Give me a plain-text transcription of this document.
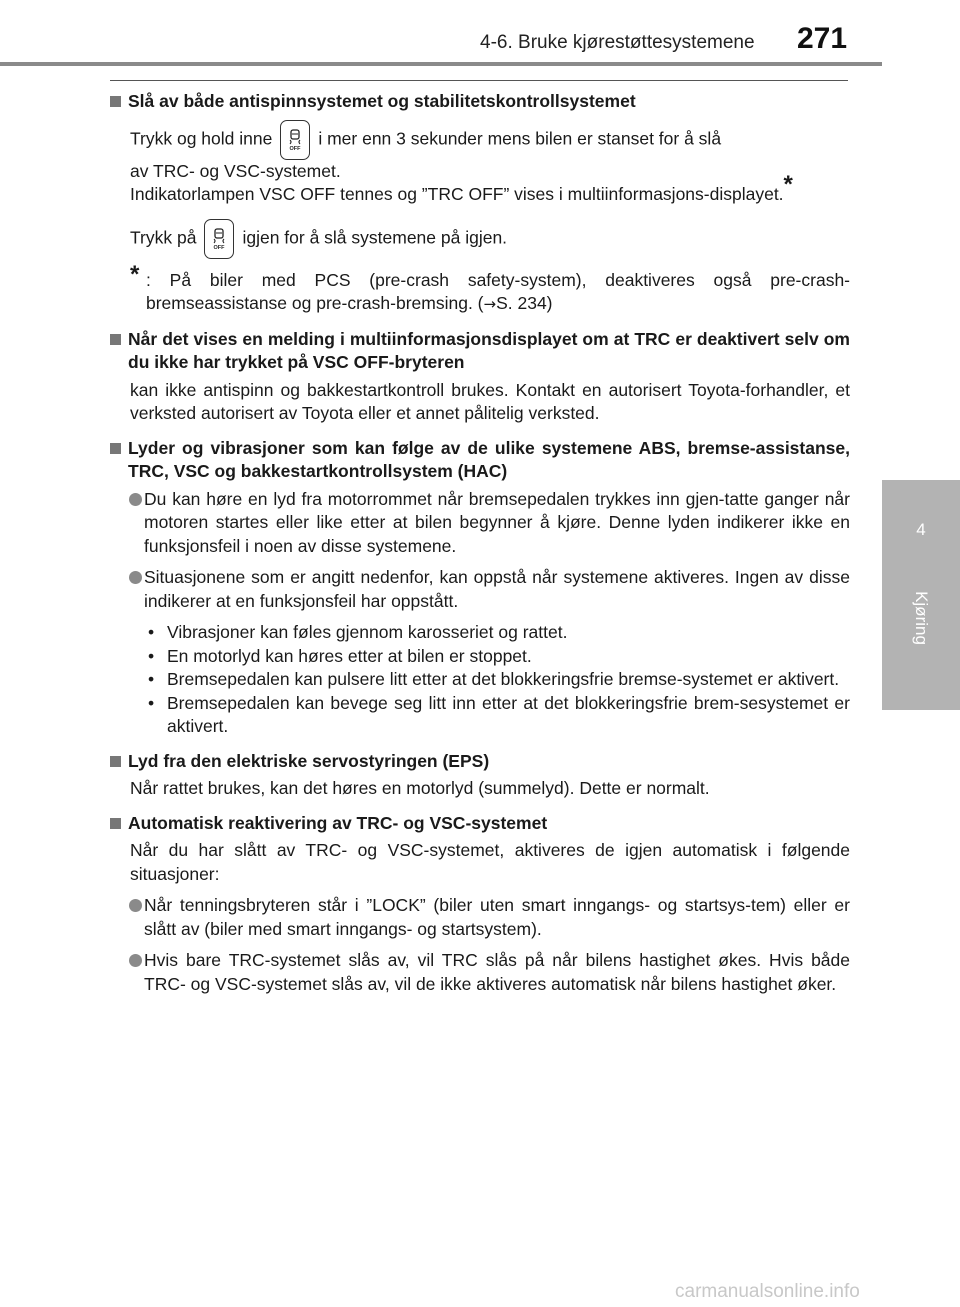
4-6. Bruke kjørestøttesystemene 271
4
Kjøring
Slå av både antispinnsystemet og stabilitetskontrollsystemet
Trykk og hold inne
OFF
i mer enn 3 sekunder mens bilen er stanset for å slå
av TRC- og VSC-systemet.
Indikatorlampen VSC OFF tennes og ”TRC OFF” vises i multiinformasjons-displayet.*
Trykk på
OFF
igjen for å slå systemene på igjen.
* : På biler med PCS (pre-crash safety-system), deaktiveres også pre-crash-bremseassistanse og pre-crash-bremsing. (→S. 234)
Når det vises en melding i multiinformasjonsdisplayet om at TRC er deaktivert selv om du ikke har trykket på VSC OFF-bryteren
kan ikke antispinn og bakkestartkontroll brukes. Kontakt en autorisert Toyota-forhandler, et verksted autorisert av Toyota eller et annet pålitelig verksted.
Lyder og vibrasjoner som kan følge av de ulike systemene ABS, bremse-assistanse, TRC, VSC og bakkestartkontrollsystem (HAC)
Du kan høre en lyd fra motorrommet når bremsepedalen trykkes inn gjen-tatte ganger når motoren startes eller like etter at bilen begynner å kjøre. Denne lyden indikerer ikke en funksjonsfeil i noen av disse systemene.
Situasjonene som er angitt nedenfor, kan oppstå når systemene aktiveres. Ingen av disse indikerer at en funksjonsfeil har oppstått.
• Vibrasjoner kan føles gjennom karosseriet og rattet.
• En motorlyd kan høres etter at bilen er stoppet.
• Bremsepedalen kan pulsere litt etter at det blokkeringsfrie bremse-systemet er aktivert.
• Bremsepedalen kan bevege seg litt inn etter at det blokkeringsfrie brem-sesystemet er aktivert.
Lyd fra den elektriske servostyringen (EPS)
Når rattet brukes, kan det høres en motorlyd (summelyd). Dette er normalt.
Automatisk reaktivering av TRC- og VSC-systemet
Når du har slått av TRC- og VSC-systemet, aktiveres de igjen automatisk i følgende situasjoner:
Når tenningsbryteren står i ”LOCK” (biler uten smart inngangs- og startsys-tem) eller er slått av (biler med smart inngangs- og startsystem).
Hvis bare TRC-systemet slås av, vil TRC slås på når bilens hastighet økes. Hvis både TRC- og VSC-systemet slås av, vil de ikke aktiveres automatisk når bilens hastighet øker.
carmanualsonline.info
